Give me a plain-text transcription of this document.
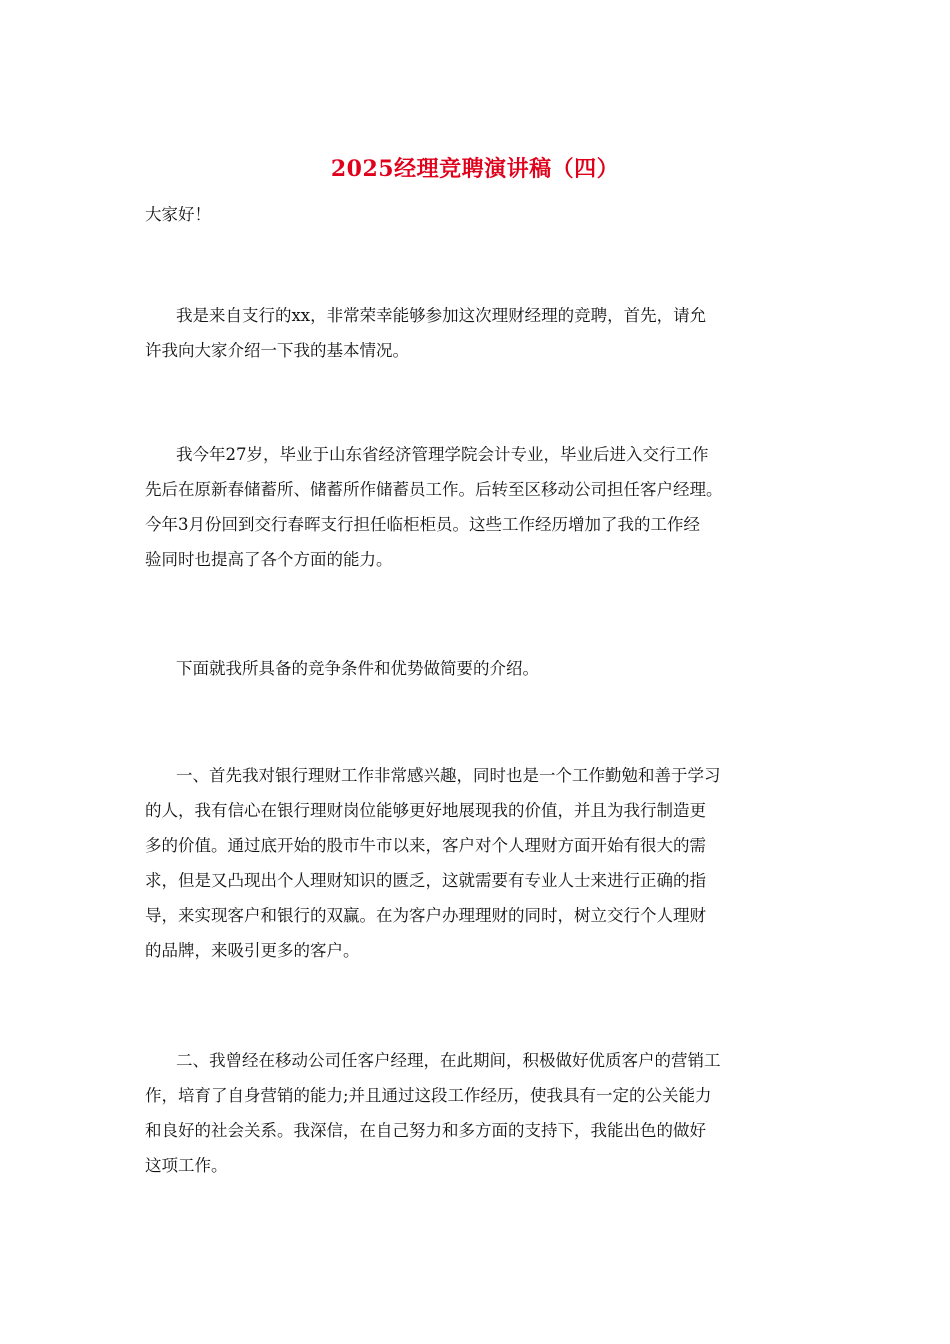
2025经理竞聘演讲稿（四）

大家好！

我是来自支行的xx，非常荣幸能够参加这次理财经理的竞聘，首先，请允
许我向大家介绍一下我的基本情况。

我今年27岁，毕业于山东省经济管理学院会计专业，毕业后进入交行工作
先后在原新春储蓄所、储蓄所作储蓄员工作。后转至区移动公司担任客户经理。
今年3月份回到交行春晖支行担任临柜柜员。这些工作经历增加了我的工作经
验同时也提高了各个方面的能力。

下面就我所具备的竞争条件和优势做简要的介绍。

一、首先我对银行理财工作非常感兴趣，同时也是一个工作勤勉和善于学习
的人，我有信心在银行理财岗位能够更好地展现我的价值，并且为我行制造更
多的价值。通过底开始的股市牛市以来，客户对个人理财方面开始有很大的需
求，但是又凸现出个人理财知识的匮乏，这就需要有专业人士来进行正确的指
导，来实现客户和银行的双赢。在为客户办理理财的同时，树立交行个人理财
的品牌，来吸引更多的客户。

二、我曾经在移动公司任客户经理，在此期间，积极做好优质客户的营销工
作，培育了自身营销的能力;并且通过这段工作经历，使我具有一定的公关能力
和良好的社会关系。我深信，在自己努力和多方面的支持下，我能出色的做好
这项工作。
